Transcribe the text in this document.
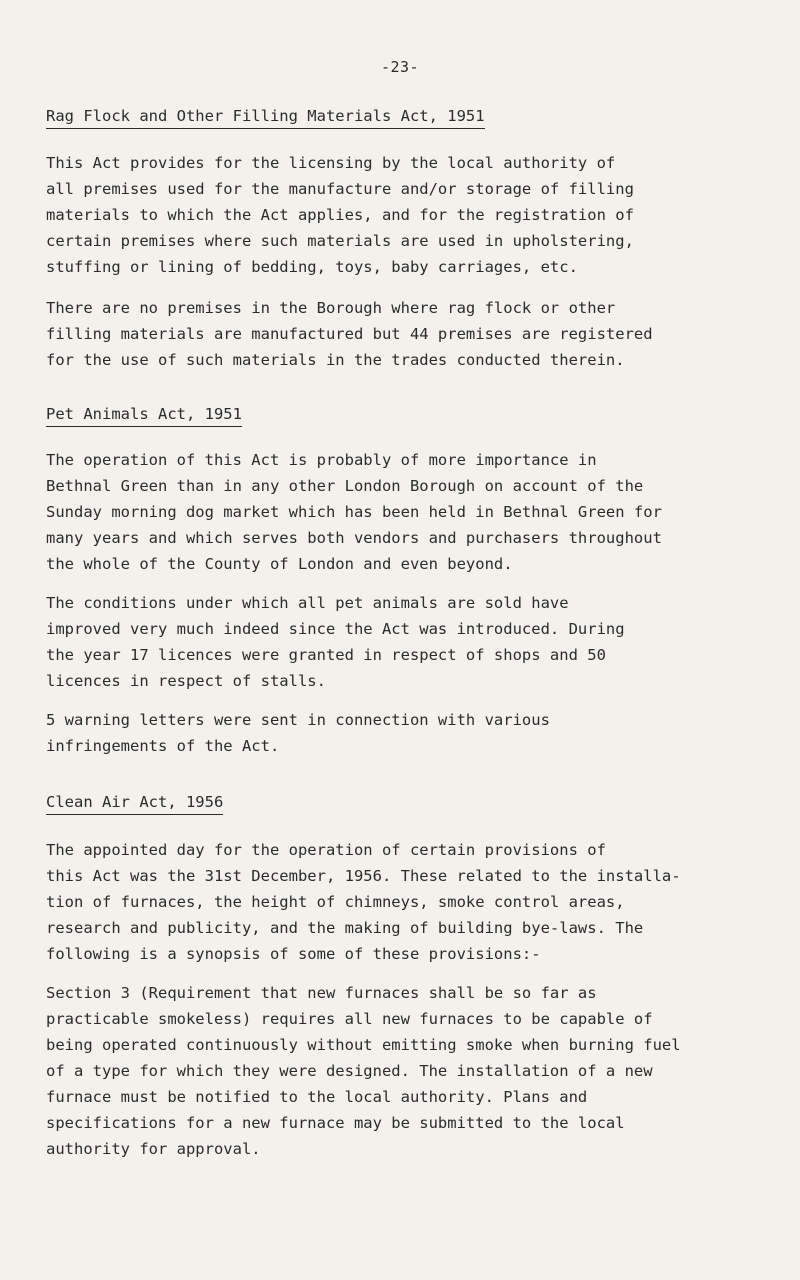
-23-
Rag Flock and Other Filling Materials Act, 1951

This Act provides for the licensing by the local authority of
all premises used for the manufacture and/or storage of filling
materials to which the Act applies, and for the registration of
certain premises where such materials are used in upholstering,
stuffing or lining of bedding, toys, baby carriages, etc.

There are no premises in the Borough where rag flock or other
filling materials are manufactured but 44 premises are registered
for the use of such materials in the trades conducted therein.

Pet Animals Act, 1951

The operation of this Act is probably of more importance in
Bethnal Green than in any other London Borough on account of the
Sunday morning dog market which has been held in Bethnal Green for
many years and which serves both vendors and purchasers throughout
the whole of the County of London and even beyond.

The conditions under which all pet animals are sold have
improved very much indeed since the Act was introduced. During
the year 17 licences were granted in respect of shops and 50
licences in respect of stalls.

5 warning letters were sent in connection with various
infringements of the Act.

Clean Air Act, 1956

The appointed day for the operation of certain provisions of
this Act was the 31st December, 1956. These related to the installa-
tion of furnaces, the height of chimneys, smoke control areas,
research and publicity, and the making of building bye-laws. The
following is a synopsis of some of these provisions:-

Section 3 (Requirement that new furnaces shall be so far as
practicable smokeless) requires all new furnaces to be capable of
being operated continuously without emitting smoke when burning fuel
of a type for which they were designed. The installation of a new
furnace must be notified to the local authority. Plans and
specifications for a new furnace may be submitted to the local
authority for approval.
